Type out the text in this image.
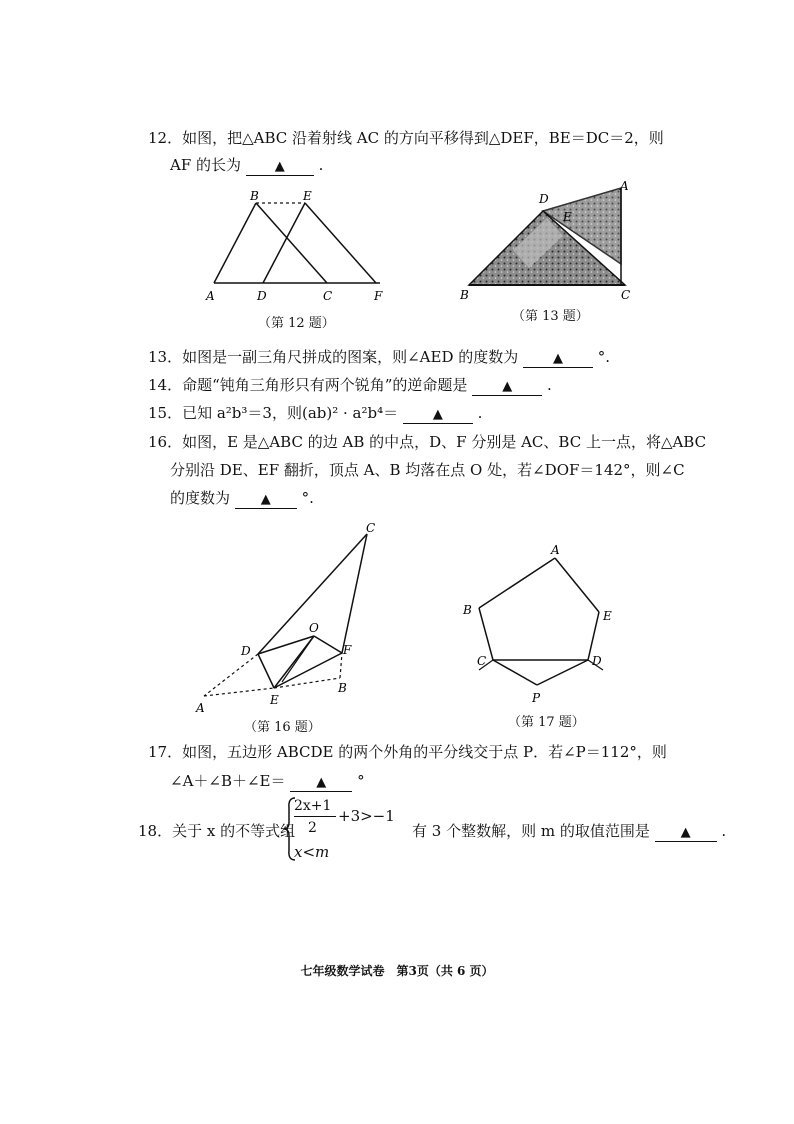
12．如图，把△ABC 沿着射线 AC 的方向平移得到△DEF，BE＝DC＝2，则
AF 的长为	▲ .
A
B	E
D	C	F
（第 12 题）
A
D
E
B	C
（第 13 题）
13．如图是一副三角尺拼成的图案，则∠AED 的度数为	▲ °.
14．命题“钝角三角形只有两个锐角”的逆命题是	▲ .
15．已知 a²b³＝3，则(ab)² · a²b⁴＝	▲ .
16．如图，E 是△ABC 的边 AB 的中点，D、F 分别是 AC、BC 上一点，将△ABC
分别沿 DE、EF 翻折，顶点 A、B 均落在点 O 处，若∠DOF＝142°，则∠C
的度数为 ▲ °.
C
O
D	F
E
B
A
（第 16 题）
A
B	E
C	D
P
（第 17 题）
17．如图，五边形 ABCDE 的两个外角的平分线交于点 P．若∠P＝112°，则
∠A＋∠B＋∠E＝ ▲ °
18．关于 x 的不等式组
2x+1
2
+3>−1
x<m
有 3 个整数解，则 m 的取值范围是 ▲ .
七年级数学试卷　第3页（共 6 页）
